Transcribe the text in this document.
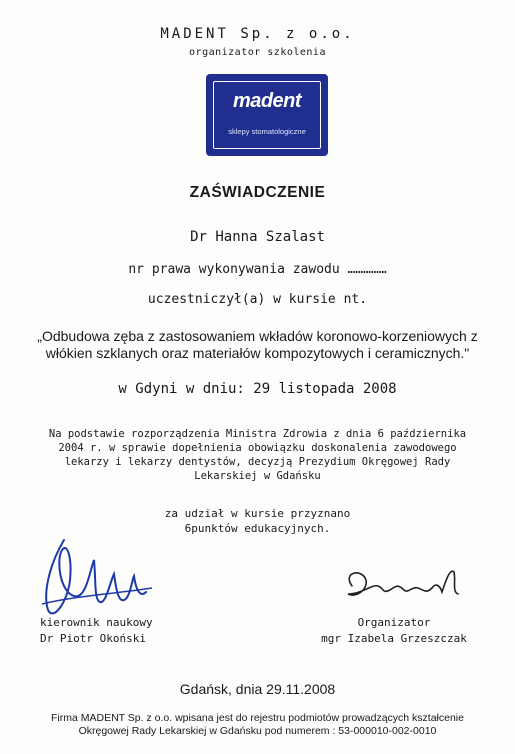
MADENT Sp. z o.o.
organizator szkolenia
madent
sklepy stomatologiczne
ZAŚWIADCZENIE
Dr Hanna Szalast
nr prawa wykonywania zawodu ……………
uczestniczył(a) w kursie nt.
„Odbudowa zęba z zastosowaniem wkładów koronowo-korzeniowych z
włókien szklanych oraz materiałów kompozytowych i ceramicznych."
w Gdyni w dniu: 29 listopada 2008
Na podstawie rozporządzenia Ministra Zdrowia z dnia 6 października
2004 r. w sprawie dopełnienia obowiązku doskonalenia zawodowego
lekarzy i lekarzy dentystów, decyzją Prezydium Okręgowej Rady
Lekarskiej w Gdańsku
za udział w kursie przyznano
6punktów edukacyjnych.
kierownik naukowy
Dr Piotr Okoński
Organizator
mgr Izabela Grzeszczak
Gdańsk, dnia 29.11.2008
Firma MADENT Sp. z o.o. wpisana jest do rejestru podmiotów prowadzących kształcenie
Okręgowej Rady Lekarskiej w Gdańsku pod numerem : 53-000010-002-0010
